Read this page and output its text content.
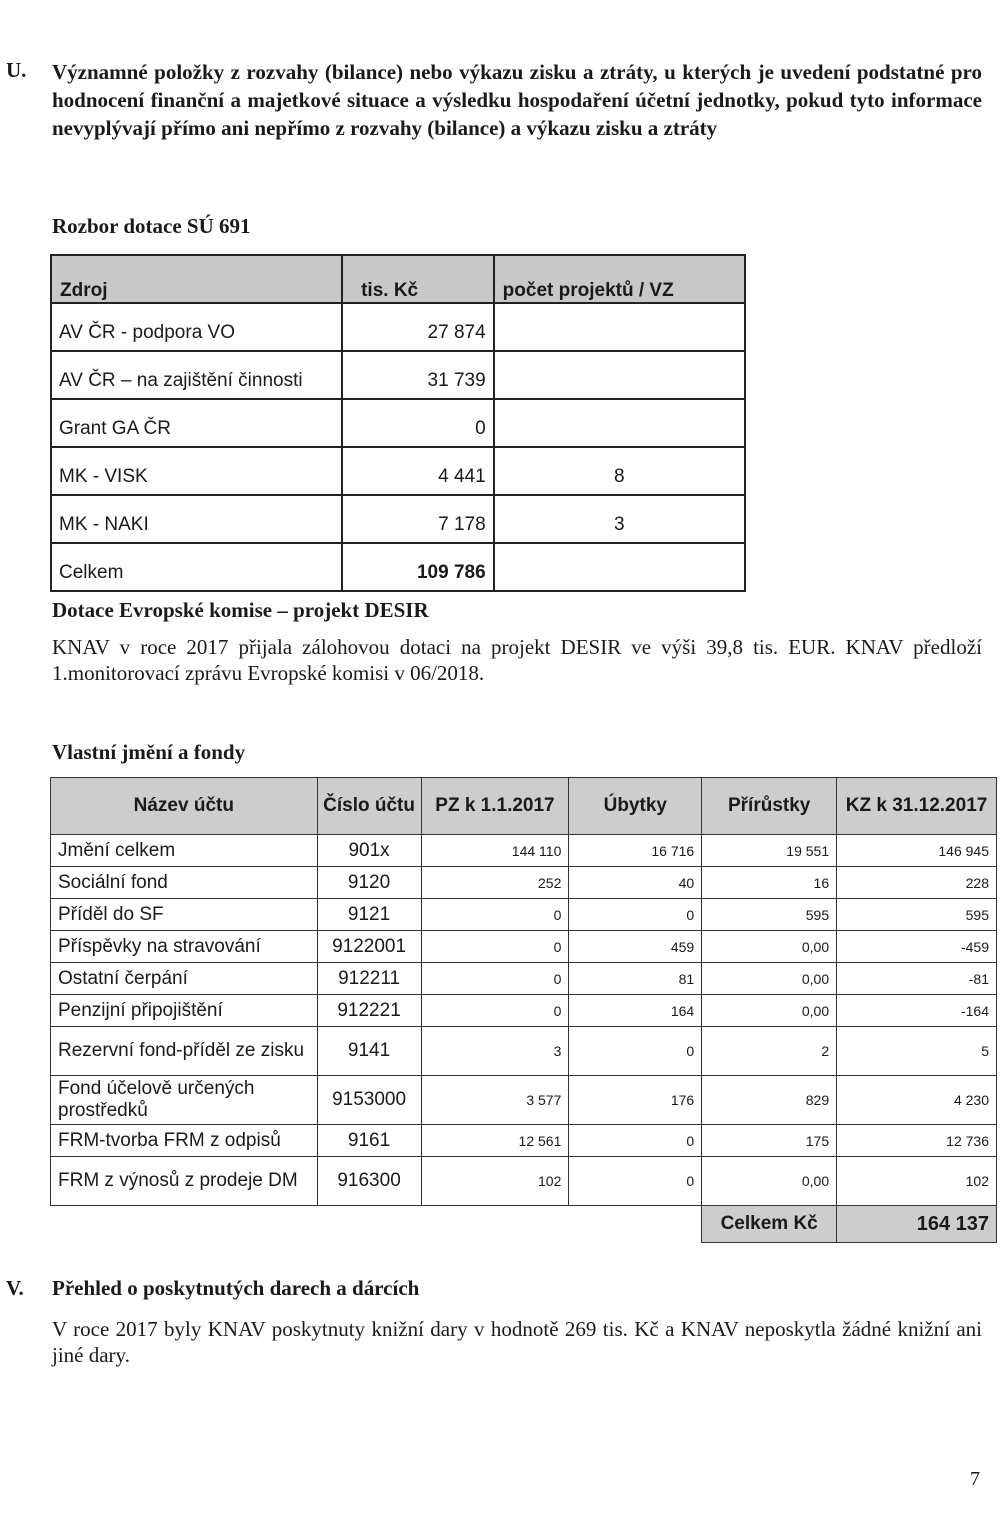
U. Významné položky z rozvahy (bilance) nebo výkazu zisku a ztráty, u kterých je uvedení podstatné pro hodnocení finanční a majetkové situace a výsledku hospodaření účetní jednotky, pokud tyto informace nevyplývají přímo ani nepřímo z rozvahy (bilance) a výkazu zisku a ztráty
Rozbor dotace SÚ 691
Zdroj	tis. Kč	počet projektů / VZ
AV ČR - podpora VO	27 874	
AV ČR – na zajištění činnosti	31 739	
Grant GA ČR	0	
MK - VISK	4 441	8
MK - NAKI	7 178	3
Celkem	109 786	
Dotace Evropské komise – projekt DESIR
KNAV v roce 2017 přijala zálohovou dotaci na projekt DESIR ve výši 39,8 tis. EUR. KNAV předloží 1.monitorovací zprávu Evropské komisi v 06/2018.
Vlastní jmění a fondy
Název účtu	Číslo účtu	PZ k 1.1.2017	Úbytky	Přírůstky	KZ k 31.12.2017
Jmění celkem	901x	144 110	16 716	19 551	146 945
Sociální fond	9120	252	40	16	228
Příděl do SF	9121	0	0	595	595
Příspěvky na stravování	9122001	0	459	0,00	-459
Ostatní čerpání	912211	0	81	0,00	-81
Penzijní připojištění	912221	0	164	0,00	-164
Rezervní fond-příděl ze zisku	9141	3	0	2	5
Fond účelově určených prostředků	9153000	3 577	176	829	4 230
FRM-tvorba FRM z odpisů	9161	12 561	0	175	12 736
FRM z výnosů z prodeje DM	916300	102	0	0,00	102
				Celkem Kč	164 137
V. Přehled o poskytnutých darech a dárcích
V roce 2017 byly KNAV poskytnuty knižní dary v hodnotě 269 tis. Kč a KNAV neposkytla žádné knižní ani jiné dary.
7
